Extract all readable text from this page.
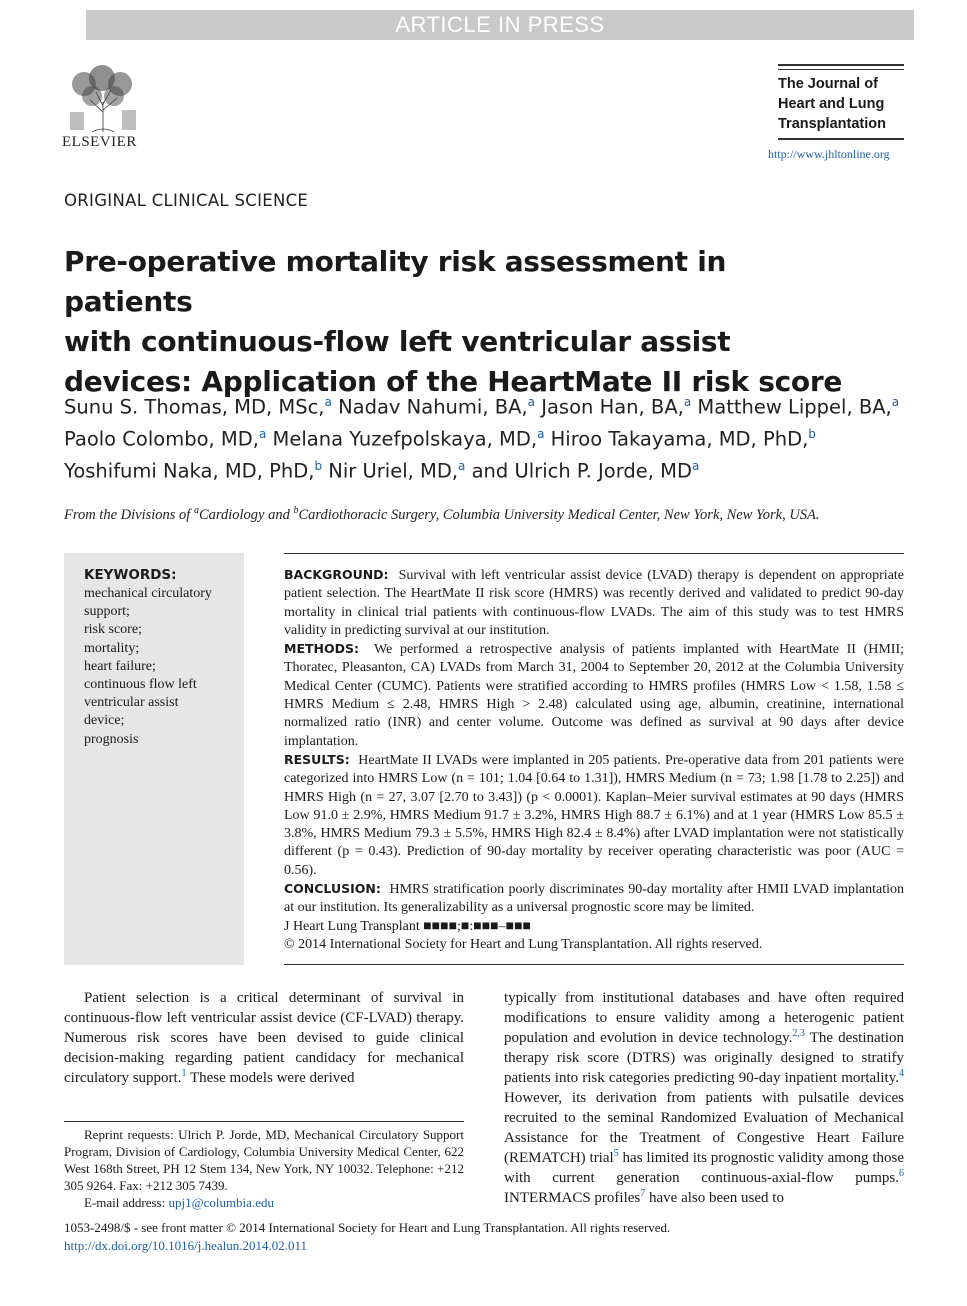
ARTICLE IN PRESS
ELSEVIER
The Journal of
Heart and Lung
Transplantation
http://www.jhltonline.org
ORIGINAL CLINICAL SCIENCE
Pre-operative mortality risk assessment in patients
with continuous-flow left ventricular assist
devices: Application of the HeartMate II risk score
Sunu S. Thomas, MD, MSc,$^a$ Nadav Nahumi, BA,$^a$ Jason Han, BA,$^a$ Matthew Lippel, BA,$^a$
Paolo Colombo, MD,$^a$ Melana Yuzefpolskaya, MD,$^a$ Hiroo Takayama, MD, PhD,$^b$
Yoshifumi Naka, MD, PhD,$^b$ Nir Uriel, MD,$^a$ and Ulrich P. Jorde, $MD^a$
From the Divisions of $^a$Cardiology and $^b$Cardiothoracic Surgery, Columbia University Medical Center, New York, New York, USA.
KEYWORDS:
mechanical circulatory
support;
risk score;
mortality;
heart failure;
continuous flow left
ventricular assist
device;
prognosis

BACKGROUND: Survival with left ventricular assist device (LVAD) therapy is dependent on appropriate patient selection. The HeartMate II risk score (HMRS) was recently derived and validated to predict 90-day mortality in clinical trial patients with continuous-flow LVADs. The aim of this study was to test HMRS validity in predicting survival at our institution.

METHODS: We performed a retrospective analysis of patients implanted with HeartMate II (HMII; Thoratec, Pleasanton, CA) LVADs from March 31, 2004 to September 20, 2012 at the Columbia University Medical Center (CUMC). Patients were stratified according to HMRS profiles (HMRS Low < 1.58, 1.58 ≤ HMRS Medium ≤ 2.48, HMRS High > 2.48) calculated using age, albumin, creatinine, international normalized ratio (INR) and center volume. Outcome was defined as survival at 90 days after device implantation.

RESULTS: HeartMate II LVADs were implanted in 205 patients. Pre-operative data from 201 patients were categorized into HMRS Low (n = 101; 1.04 [0.64 to 1.31]), HMRS Medium (n = 73; 1.98 [1.78 to 2.25]) and HMRS High (n = 27, 3.07 [2.70 to 3.43]) (p < 0.0001). Kaplan–Meier survival estimates at 90 days (HMRS Low 91.0 ± 2.9%, HMRS Medium 91.7 ± 3.2%, HMRS High 88.7 ± 6.1%) and at 1 year (HMRS Low 85.5 ± 3.8%, HMRS Medium 79.3 ± 5.5%, HMRS High 82.4 ± 8.4%) after LVAD implantation were not statistically different (p = 0.43). Prediction of 90-day mortality by receiver operating characteristic was poor (AUC = 0.56).

CONCLUSION: HMRS stratification poorly discriminates 90-day mortality after HMII LVAD implantation at our institution. Its generalizability as a universal prognostic score may be limited.

J Heart Lung Transplant ■■■■;■:■■■–■■■

© 2014 International Society for Heart and Lung Transplantation. All rights reserved.

Patient selection is a critical determinant of survival in continuous-flow left ventricular assist device (CF-LVAD) therapy. Numerous risk scores have been devised to guide clinical decision-making regarding patient candidacy for mechanical circulatory support.$^1$ These models were derived
typically from institutional databases and have often required modifications to ensure validity among a heterogenic patient population and evolution in device technology.$^{2,3}$ The destination therapy risk score (DTRS) was originally designed to stratify patients into risk categories predicting 90-day inpatient mortality.$^4$ However, its derivation from patients with pulsatile devices recruited to the seminal Randomized Evaluation of Mechanical Assistance for the Treatment of Congestive Heart Failure (REMATCH) trial$^5$ has limited its prognostic validity among those with current generation continuous-axial-flow pumps.$^6$ INTERMACS profiles$^7$ have also been used to
Reprint requests: Ulrich P. Jorde, MD, Mechanical Circulatory Support Program, Division of Cardiology, Columbia University Medical Center, 622 West 168th Street, PH 12 Stem 134, New York, NY 10032. Telephone: +212 305 9264. Fax: +212 305 7439.
E-mail address: upj1@columbia.edu
1053-2498/$ - see front matter © 2014 International Society for Heart and Lung Transplantation. All rights reserved.
http://dx.doi.org/10.1016/j.healun.2014.02.011
